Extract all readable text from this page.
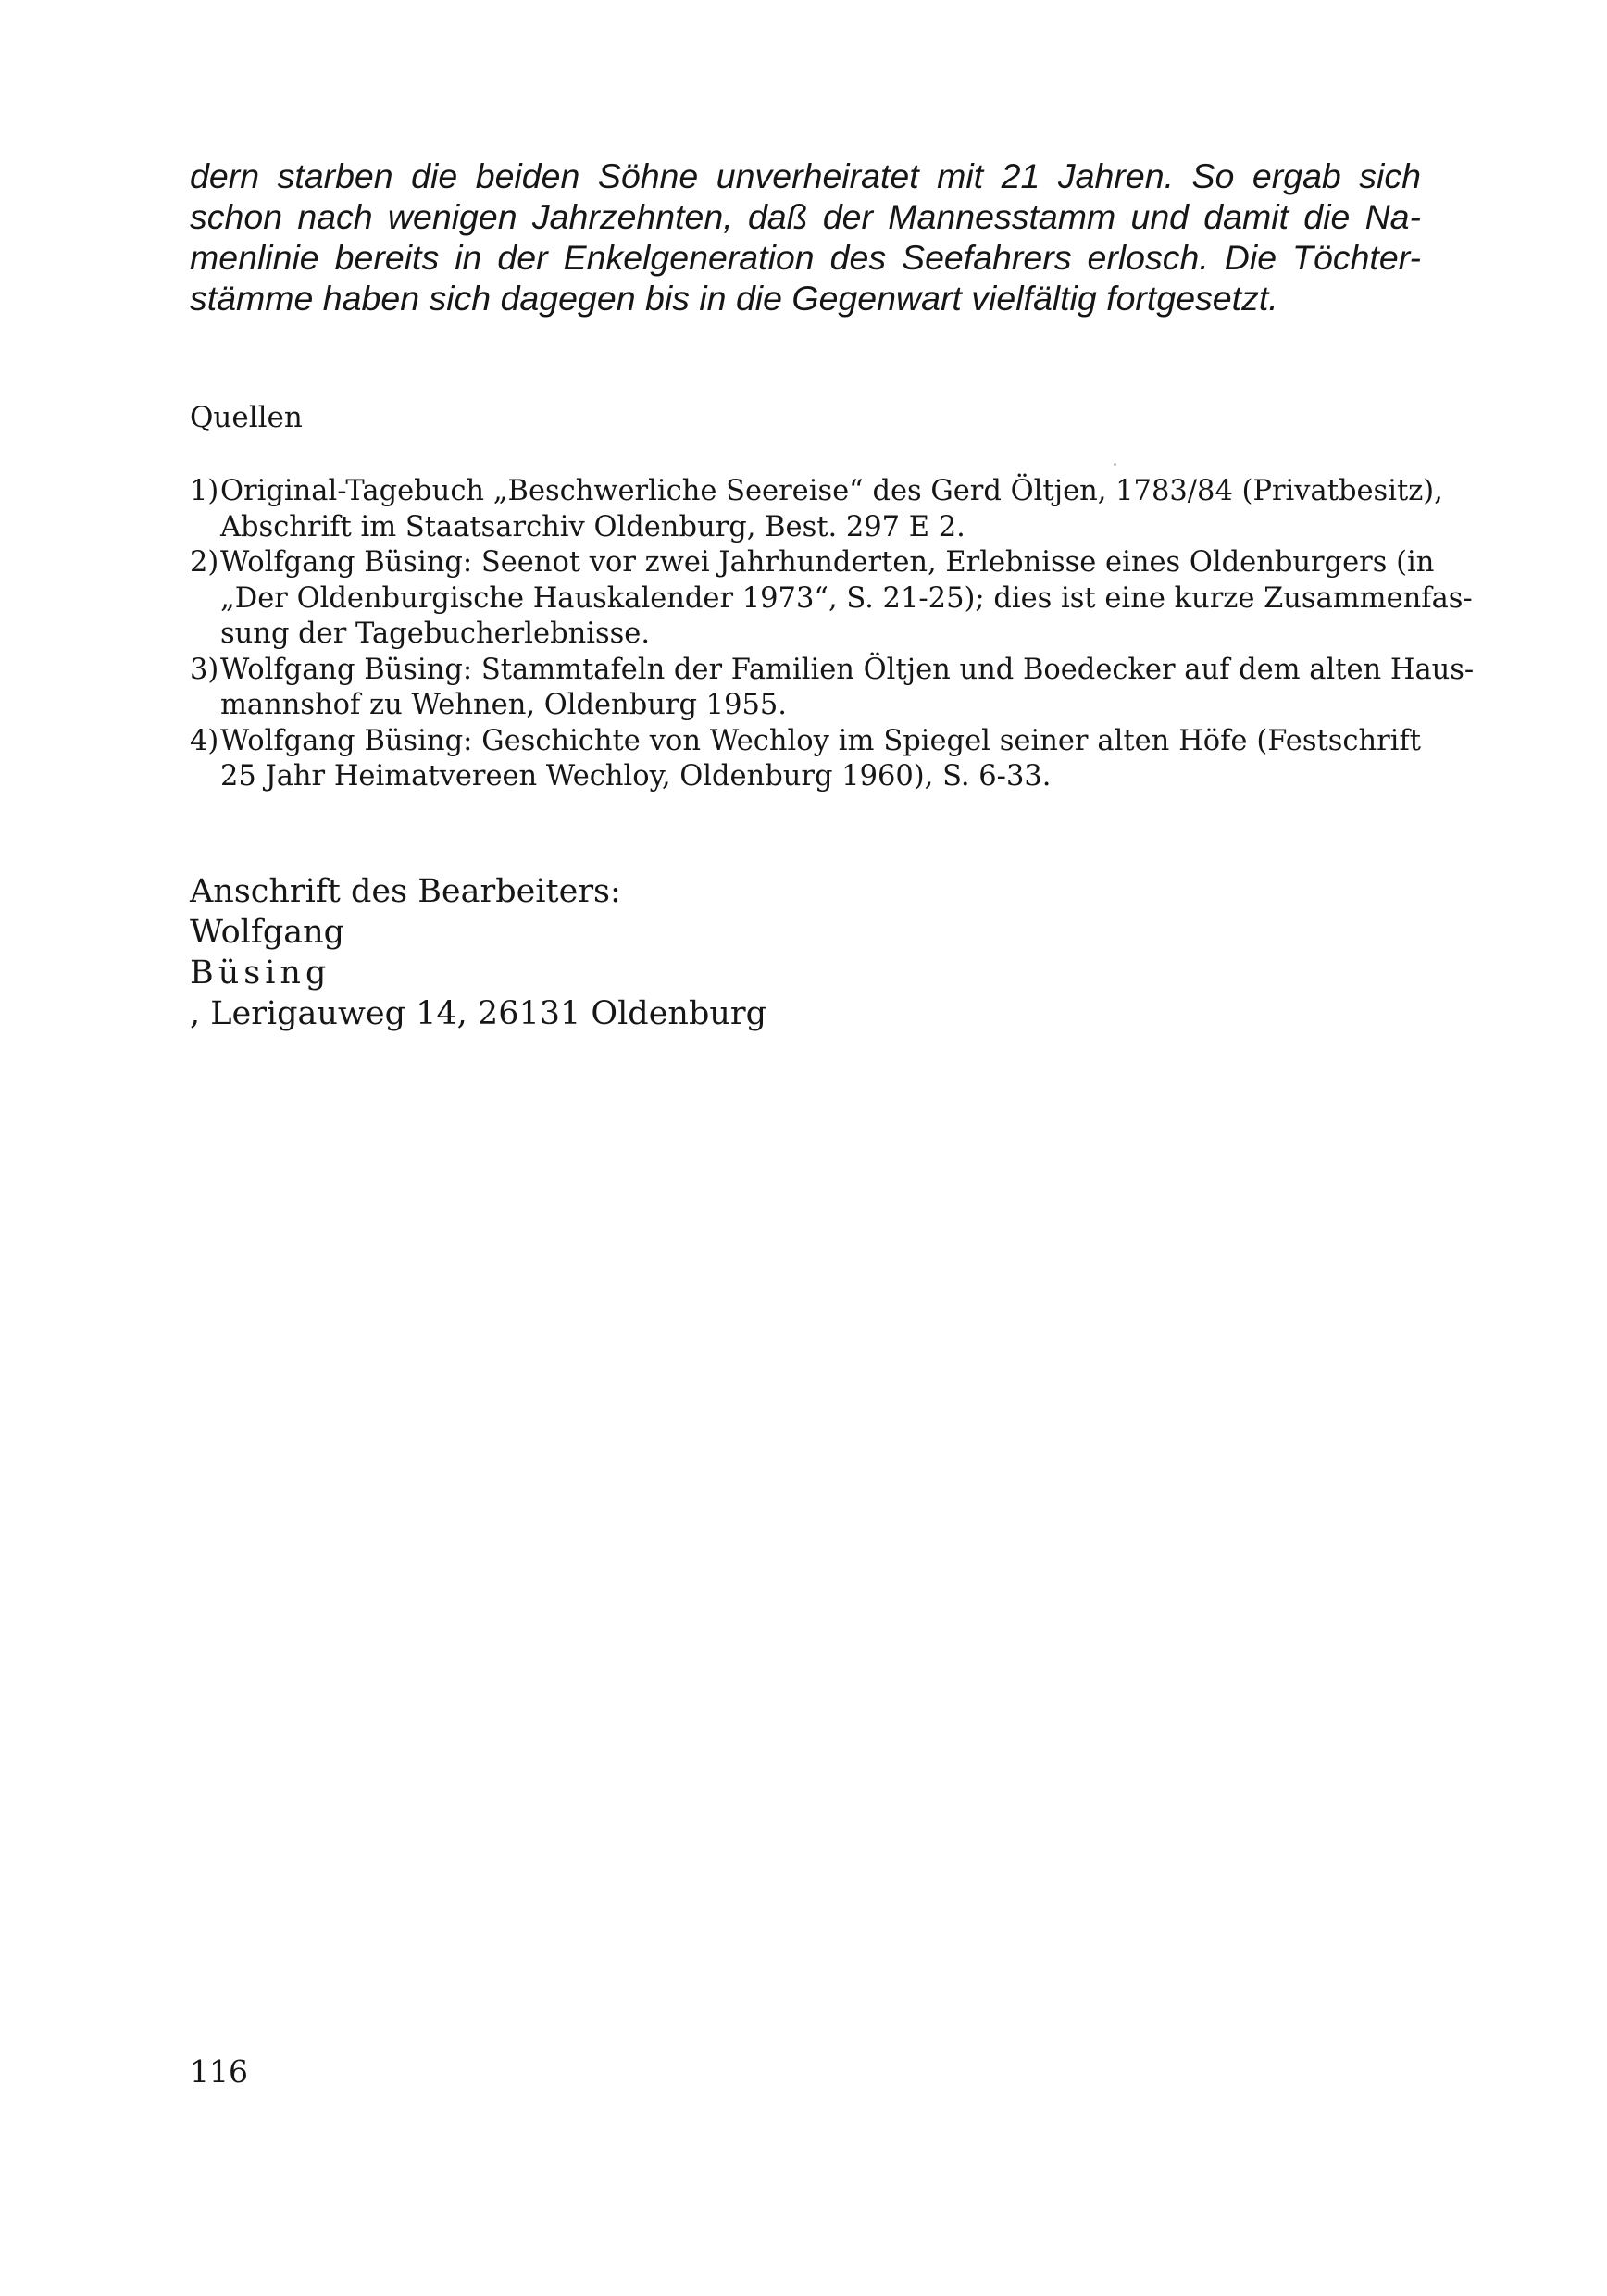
dern starben die beiden Söhne unverheiratet mit 21 Jahren. So ergab sich
schon nach wenigen Jahrzehnten, daß der Mannesstamm und damit die Na-
menlinie bereits in der Enkelgeneration des Seefahrers erlosch. Die Töchter-
stämme haben sich dagegen bis in die Gegenwart vielfältig fortgesetzt.
Quellen
1) Original-Tagebuch „Beschwerliche Seereise“ des Gerd Öltjen, 1783/84 (Privatbesitz),
Abschrift im Staatsarchiv Oldenburg, Best. 297 E 2.
2) Wolfgang Büsing: Seenot vor zwei Jahrhunderten, Erlebnisse eines Oldenburgers (in
„Der Oldenburgische Hauskalender 1973“, S. 21-25); dies ist eine kurze Zusammenfas-
sung der Tagebucherlebnisse.
3) Wolfgang Büsing: Stammtafeln der Familien Öltjen und Boedecker auf dem alten Haus-
mannshof zu Wehnen, Oldenburg 1955.
4) Wolfgang Büsing: Geschichte von Wechloy im Spiegel seiner alten Höfe (Festschrift
25 Jahr Heimatvereen Wechloy, Oldenburg 1960), S. 6-33.
Anschrift des Bearbeiters:
Wolfgang
Büsing
, Lerigauweg 14, 26131 Oldenburg
116
